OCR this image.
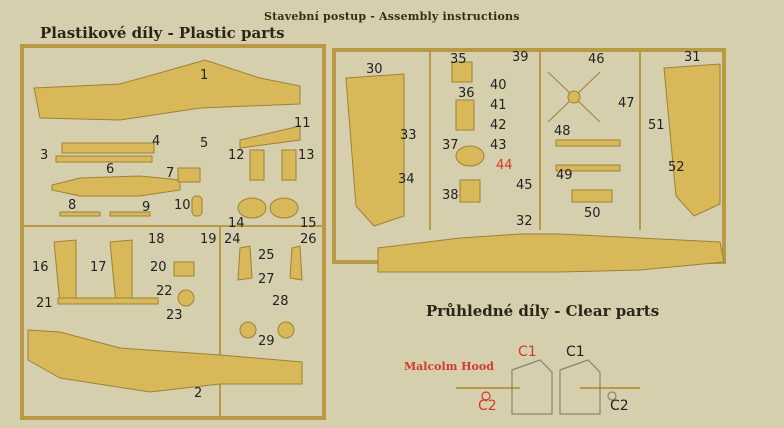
Stavební postup - Assembly instructions
Plastikové díly - Plastic parts
Průhledné díly - Clear parts
Malcolm Hood
C1 C1
C2	C2
1
2
3
4	5
6	7
8	9 10
11
12	13
14	15
16	17
18	19
20
21
22
23
24
25
26
27
28
29
30
31
32
33
34
35
36
37
38
39
40
41
42
43
44
45
46
47
48
49
50
51
52
